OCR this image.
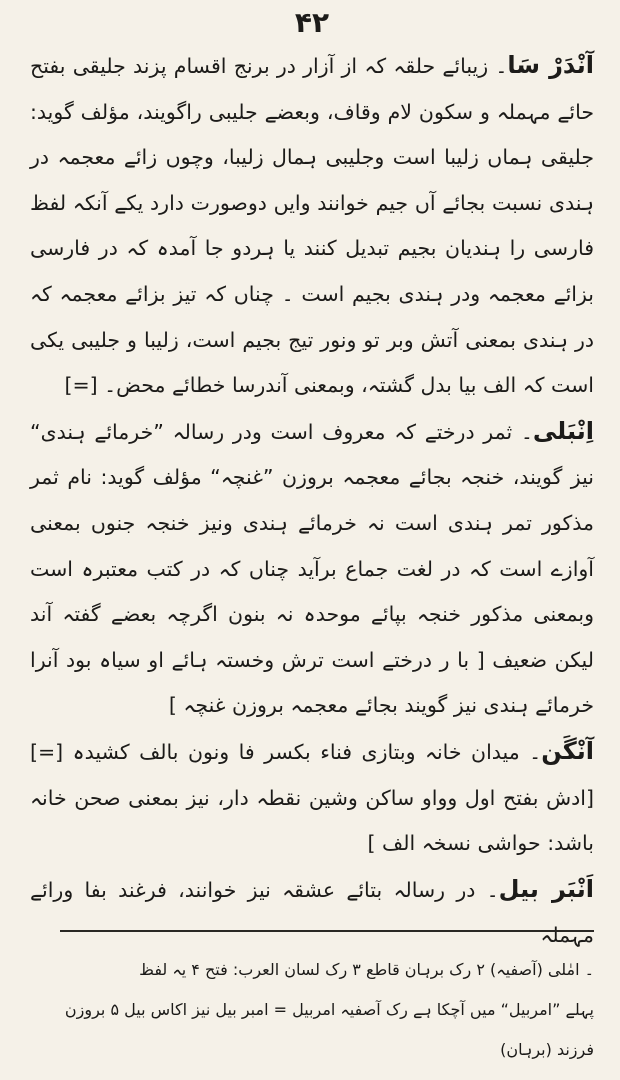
۴۲

آنْدَرْ سَا۔ زیبائے حلقہ کہ از آزار در برنج اقسام پزند جلیقی بفتح حائے مہملہ و سکون لام وقاف، وبعضے جلیبی راگویند، مؤلف گوید: جلیقی ہماں زلیبا است وجلیبی ہمال زلیبا، وچوں زائے معجمہ در ہندی نسبت بجائے آں جیم خوانند وایں دوصورت دارد یکے آنکہ لفظ فارسی را ہندیان بجیم تبدیل کنند یا ہردو جا آمدہ کہ در فارسی بزائے معجمہ ودر ہندی بجیم است ۔ چناں کہ تیز بزائے معجمہ کہ در ہندی بمعنی آتش وبر تو ونور تیج بجیم است، زلیبا و جلیبی یکی است کہ الف بیا بدل گشتہ، وبمعنی آندرسا خطائے محض۔ [=]

اِنْبَلی۔ ثمر درختے کہ معروف است ودر رسالہ ”خرمائے ہندی“ نیز گویند، خنجہ بجائے معجمہ بروزن ”غنچہ“ مؤلف گوید: نام ثمر مذکور تمر ہندی است نہ خرمائے ہندی ونیز خنجہ جنوں بمعنی آوازے است کہ در لغت جماع برآید چناں کہ در کتب معتبرہ است وبمعنی مذکور خنجہ بپائے موحدہ نہ بنون اگرچہ بعضے گفتہ آند لیکن ضعیف [ با ر درختے است ترش وخستہ ہائے او سیاہ بود آنرا خرمائے ہندی نیز گویند بجائے معجمہ بروزن غنچہ ]

آنْگَن۔ میدان خانہ وبتازی فناء بکسر فا ونون بالف کشیدہ [=] [ادش بفتح اول وواو ساکن وشین نقطہ دار، نیز بمعنی صحن خانہ باشد: حواشی نسخہ الف ]

اَنْبَر بیل۔ در رسالہ بتائے عشقہ نیز خوانند، فرغند بفا ورائے مہملہ

۔ امٰلی (آصفیہ) ۲ رک برہان قاطع ۳ رک لسان العرب: فتح ۴ یہ لفظ

پہلے ”امربیل“ میں آچکا ہے رک آصفیہ امربیل = امبر بیل نیز اکاس بیل ۵ بروزن

فرزند (برہان)
